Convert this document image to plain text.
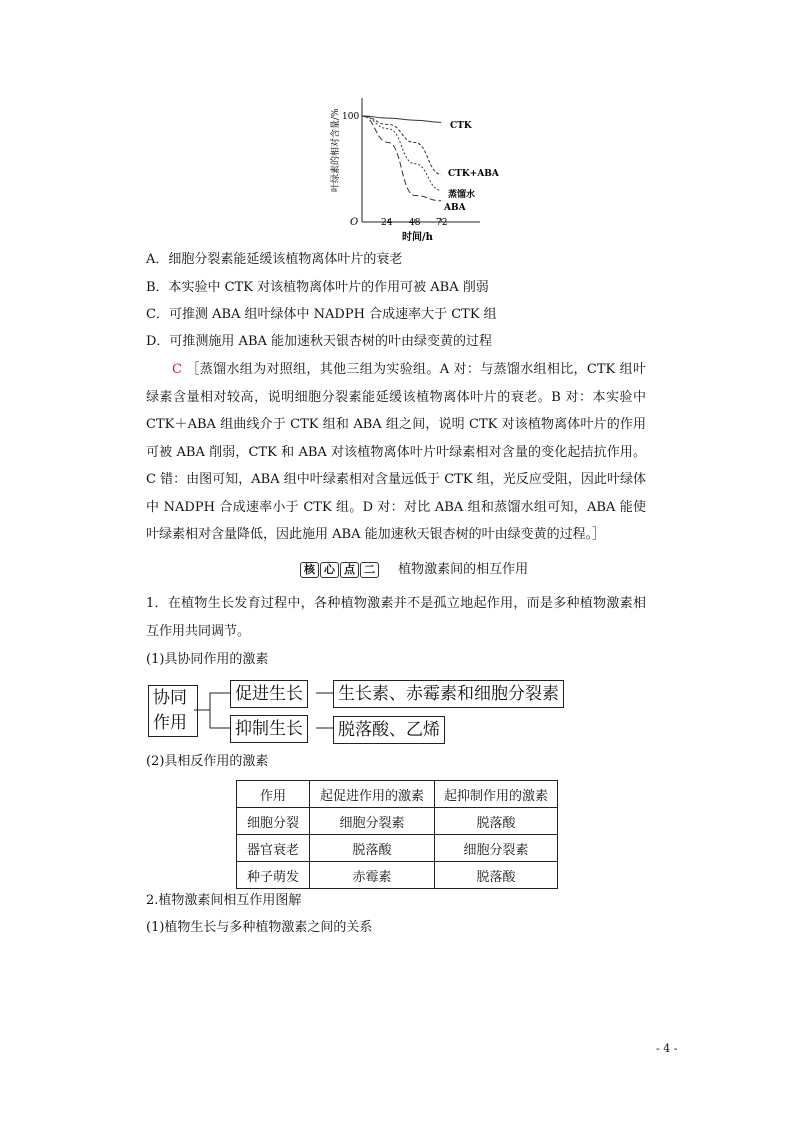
叶绿素的相对含量/%
O
100
24 48 72
时间/h
CTK
CTK+ABA
蒸馏水
ABA
A．细胞分裂素能延缓该植物离体叶片的衰老
B．本实验中 CTK 对该植物离体叶片的作用可被 ABA 削弱
C．可推测 ABA 组叶绿体中 NADPH 合成速率大于 CTK 组
D．可推测施用 ABA 能加速秋天银杏树的叶由绿变黄的过程
C ［蒸馏水组为对照组，其他三组为实验组。A 对：与蒸馏水组相比，CTK 组叶绿素含量相对较高，说明细胞分裂素能延缓该植物离体叶片的衰老。B 对：本实验中 CTK＋ABA 组曲线介于 CTK 组和 ABA 组之间，说明 CTK 对该植物离体叶片的作用可被 ABA 削弱，CTK 和 ABA 对该植物离体叶片叶绿素相对含量的变化起拮抗作用。C 错：由图可知，ABA 组中叶绿素相对含量远低于 CTK 组，光反应受阻，因此叶绿体中 NADPH 合成速率小于 CTK 组。D 对：对比 ABA 组和蒸馏水组可知，ABA 能使叶绿素相对含量降低，因此施用 ABA 能加速秋天银杏树的叶由绿变黄的过程。］
核 心 点 二 植物激素间的相互作用
1．在植物生长发育过程中，各种植物激素并不是孤立地起作用，而是多种植物激素相互作用共同调节。
(1)具协同作用的激素
协同作用
促进生长 生长素、赤霉素和细胞分裂素
抑制生长 脱落酸、乙烯
(2)具相反作用的激素
作用	起促进作用的激素	起抑制作用的激素
细胞分裂	细胞分裂素	脱落酸
器官衰老	脱落酸	细胞分裂素
种子萌发	赤霉素	脱落酸
2.植物激素间相互作用图解
(1)植物生长与多种植物激素之间的关系
- 4 -
